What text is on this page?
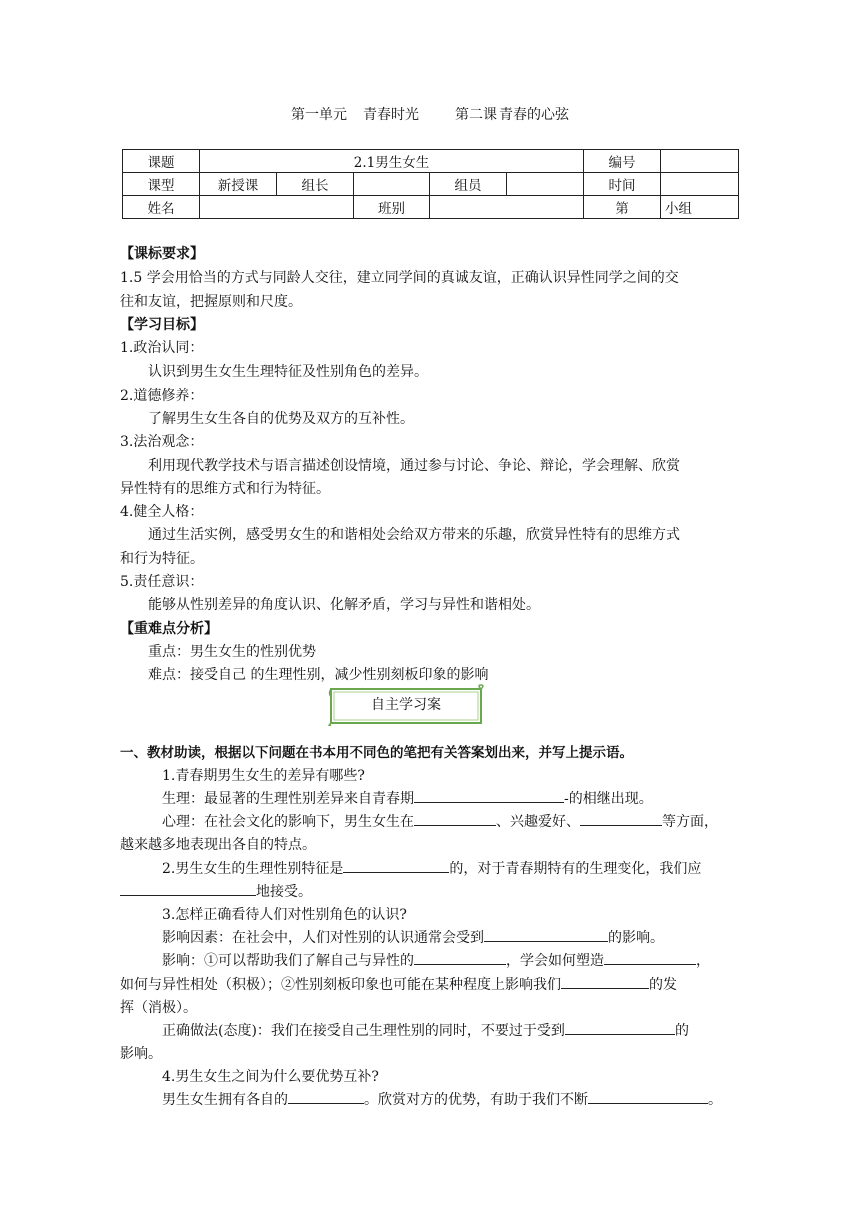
第一单元 青春时光	第二课 青春的心弦
课题	2.1男生女生					编号	
课型	新授课	组长		组员		时间	
姓名			班别			第	小组
【课标要求】
1.5 学会用恰当的方式与同龄人交往，建立同学间的真诚友谊，正确认识异性同学之间的交
往和友谊，把握原则和尺度。
【学习目标】
1.政治认同：
认识到男生女生生理特征及性别角色的差异。
2.道德修养：
了解男生女生各自的优势及双方的互补性。
3.法治观念：
利用现代教学技术与语言描述创设情境，通过参与讨论、争论、辩论，学会理解、欣赏
异性特有的思维方式和行为特征。
4.健全人格：
通过生活实例，感受男女生的和谐相处会给双方带来的乐趣，欣赏异性特有的思维方式
和行为特征。
5.责任意识：
能够从性别差异的角度认识、化解矛盾，学习与异性和谐相处。
【重难点分析】
重点：男生女生的性别优势
难点：接受自己 的生理性别，减少性别刻板印象的影响
自主学习案
一、教材助读，根据以下问题在书本用不同色的笔把有关答案划出来，并写上提示语。
1.青春期男生女生的差异有哪些?
生理：最显著的生理性别差异来自青春期	-的相继出现。
心理：在社会文化的影响下，男生女生在	、兴趣爱好、	等方面，
越来越多地表现出各自的特点。
2.男生女生的生理性别特征是	的，对于青春期特有的生理变化，我们应
地接受。
3.怎样正确看待人们对性别角色的认识?
影响因素：在社会中，人们对性别的认识通常会受到	的影响。
影响：①可以帮助我们了解自己与异性的	，学会如何塑造	，
如何与异性相处（积极）；②性别刻板印象也可能在某种程度上影响我们	的发
挥（消极）。
正确做法(态度)：我们在接受自己生理性别的同时，不要过于受到	的
影响。
4.男生女生之间为什么要优势互补?
男生女生拥有各自的	。欣赏对方的优势，有助于我们不断	。
